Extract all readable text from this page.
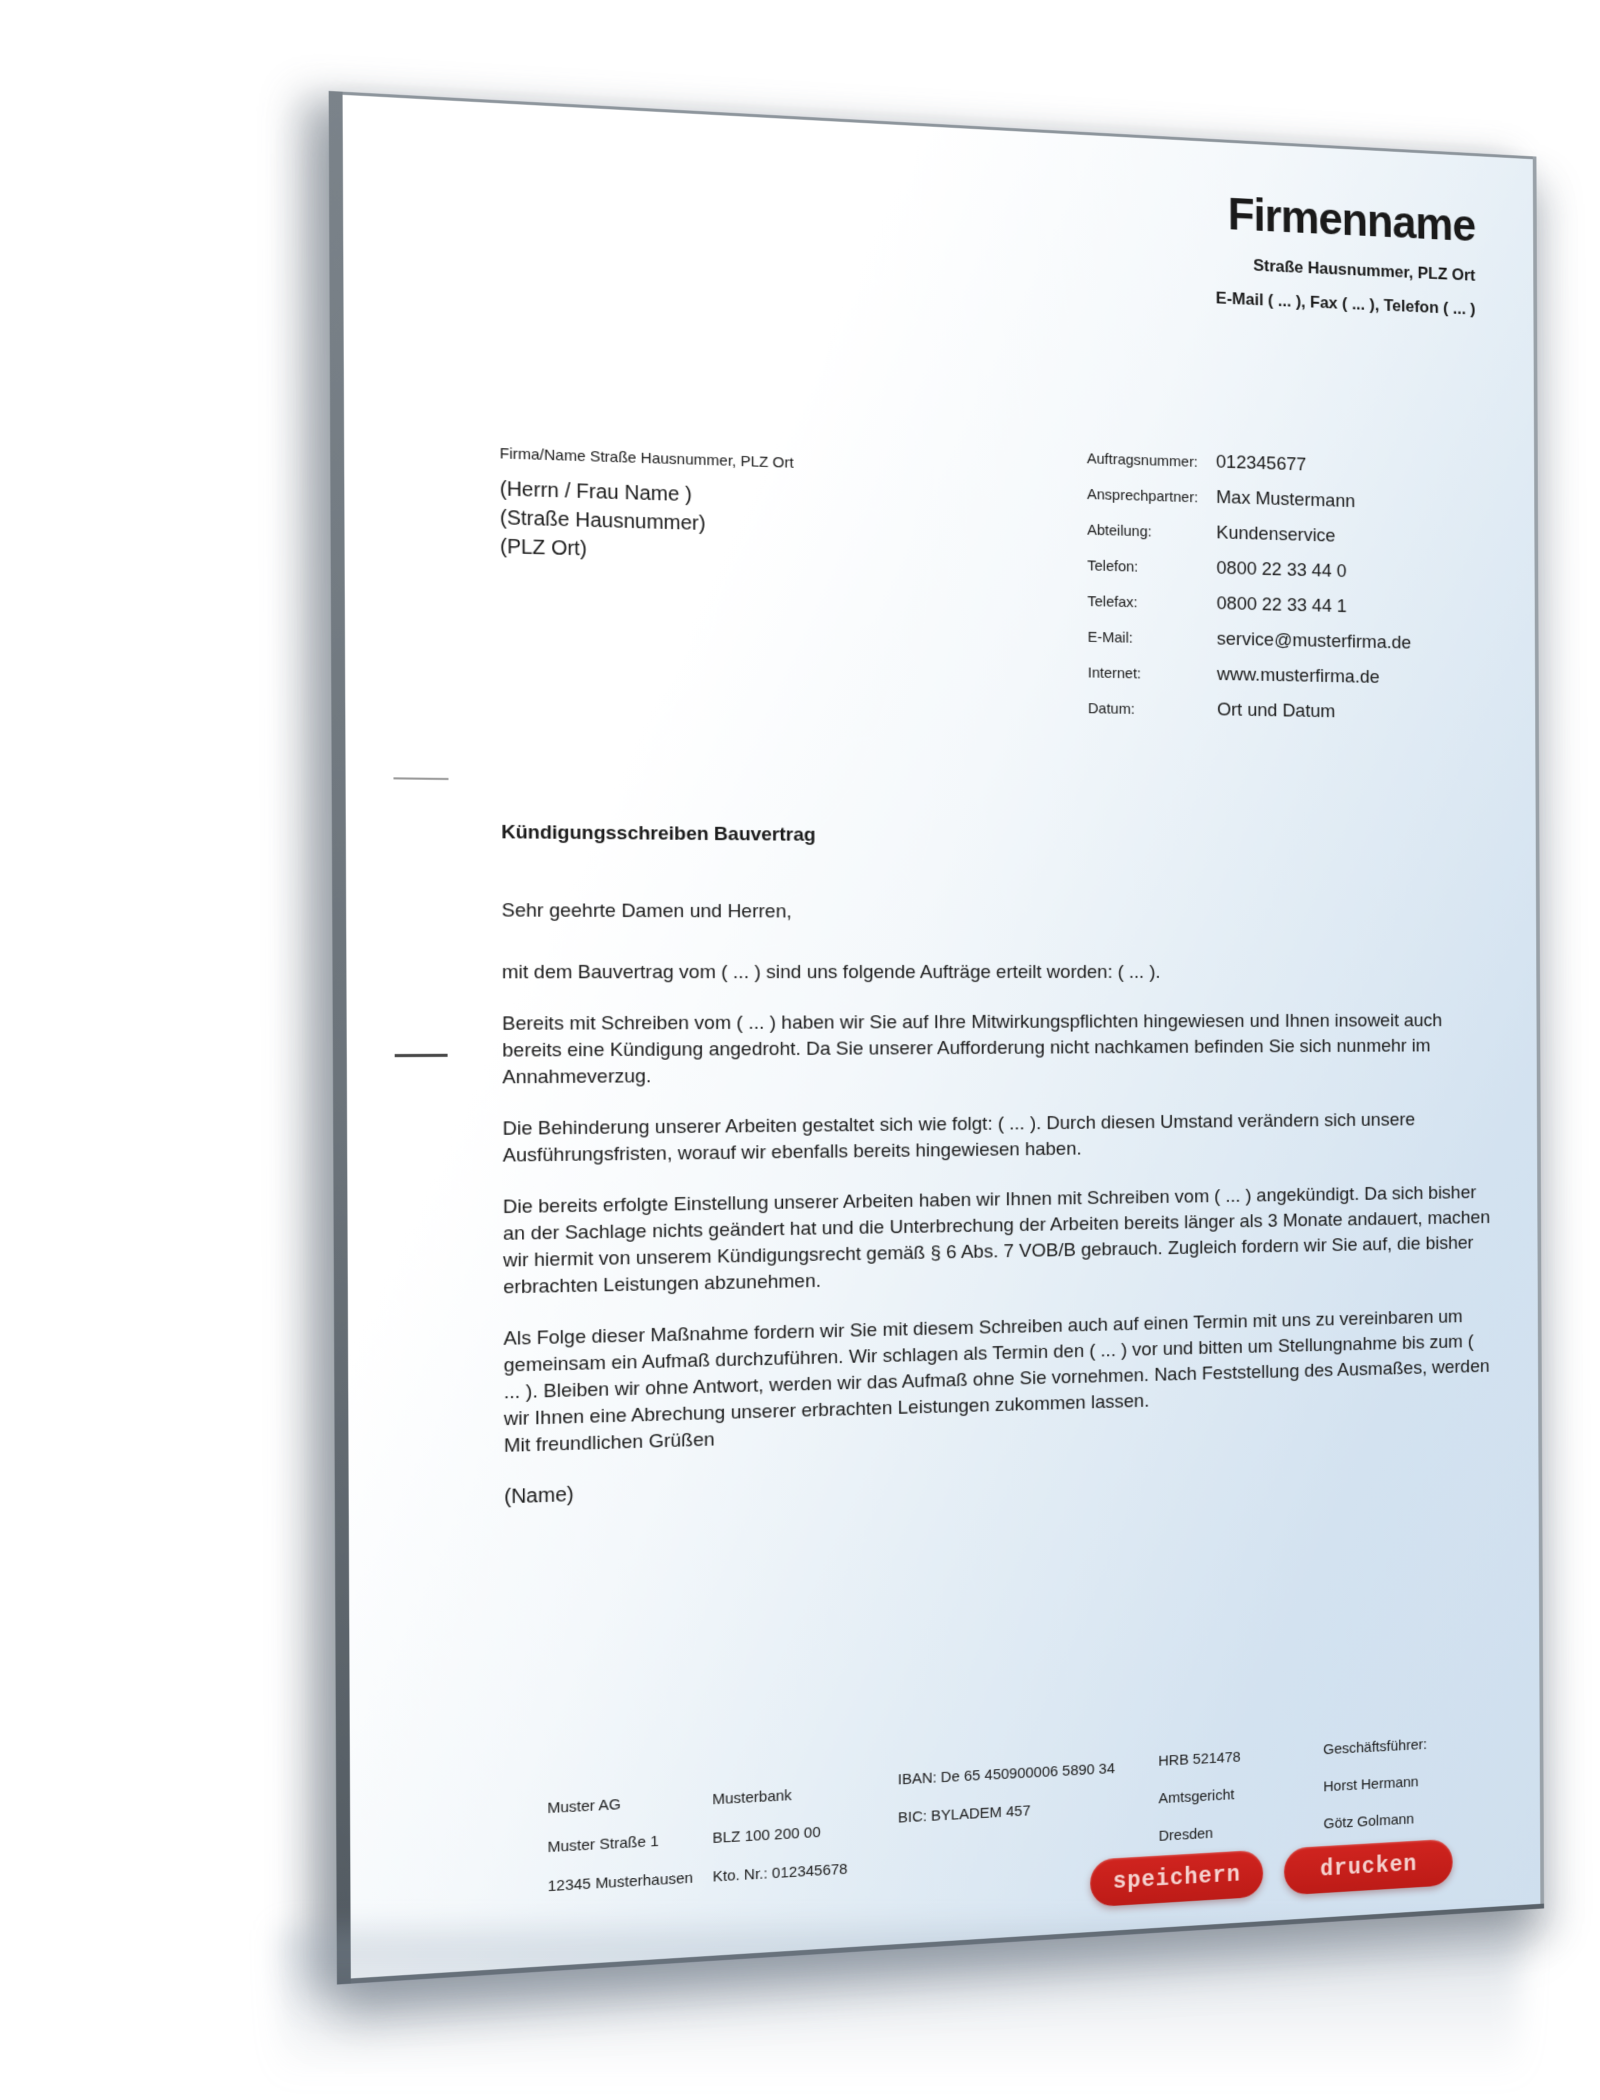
Firmenname
Straße Hausnummer, PLZ Ort
E-Mail ( ... ), Fax ( ... ), Telefon ( ... )
Firma/Name Straße Hausnummer, PLZ Ort
(Herrn / Frau Name )
(Straße Hausnummer)
(PLZ Ort)
Auftragsnummer: 012345677
Ansprechpartner: Max Mustermann
Abteilung:	Kundenservice
Telefon:	0800 22 33 44 0
Telefax:	0800 22 33 44 1
E-Mail:	service@musterfirma.de
Internet:	www.musterfirma.de
Datum:	Ort und Datum
Kündigungsschreiben Bauvertrag
Sehr geehrte Damen und Herren,

mit dem Bauvertrag vom ( ... ) sind uns folgende Aufträge erteilt worden: ( ... ).

Bereits mit Schreiben vom ( ... ) haben wir Sie auf Ihre Mitwirkungspflichten hingewiesen und Ihnen insoweit auch bereits eine Kündigung angedroht. Da Sie unserer Aufforderung nicht nachkamen befinden Sie sich nunmehr im Annahmeverzug.

Die Behinderung unserer Arbeiten gestaltet sich wie folgt: ( ... ). Durch diesen Umstand verändern sich unsere Ausführungsfristen, worauf wir ebenfalls bereits hingewiesen haben.

Die bereits erfolgte Einstellung unserer Arbeiten haben wir Ihnen mit Schreiben vom ( ... ) angekündigt. Da sich bisher an der Sachlage nichts geändert hat und die Unterbrechung der Arbeiten bereits länger als 3 Monate andauert, machen wir hiermit von unserem Kündigungsrecht gemäß § 6 Abs. 7 VOB/B gebrauch. Zugleich fordern wir Sie auf, die bisher erbrachten Leistungen abzunehmen.

Als Folge dieser Maßnahme fordern wir Sie mit diesem Schreiben auch auf einen Termin mit uns zu vereinbaren um gemeinsam ein Aufmaß durchzuführen. Wir schlagen als Termin den ( ... ) vor und bitten um Stellungnahme bis zum ( ... ). Bleiben wir ohne Antwort, werden wir das Aufmaß ohne Sie vornehmen. Nach Feststellung des Ausmaßes, werden wir Ihnen eine Abrechung unserer erbrachten Leistungen zukommen lassen.

Mit freundlichen Grüßen
(Name)
Muster AG
Muster Straße 1
12345 Musterhausen
Musterbank
BLZ 100 200 00
Kto. Nr.: 012345678
IBAN: De 65 450900006 5890 34
BIC: BYLADEM 457
HRB 521478
Amtsgericht
Dresden
Geschäftsführer:
Horst Hermann
Götz Golmann
speichern	drucken
